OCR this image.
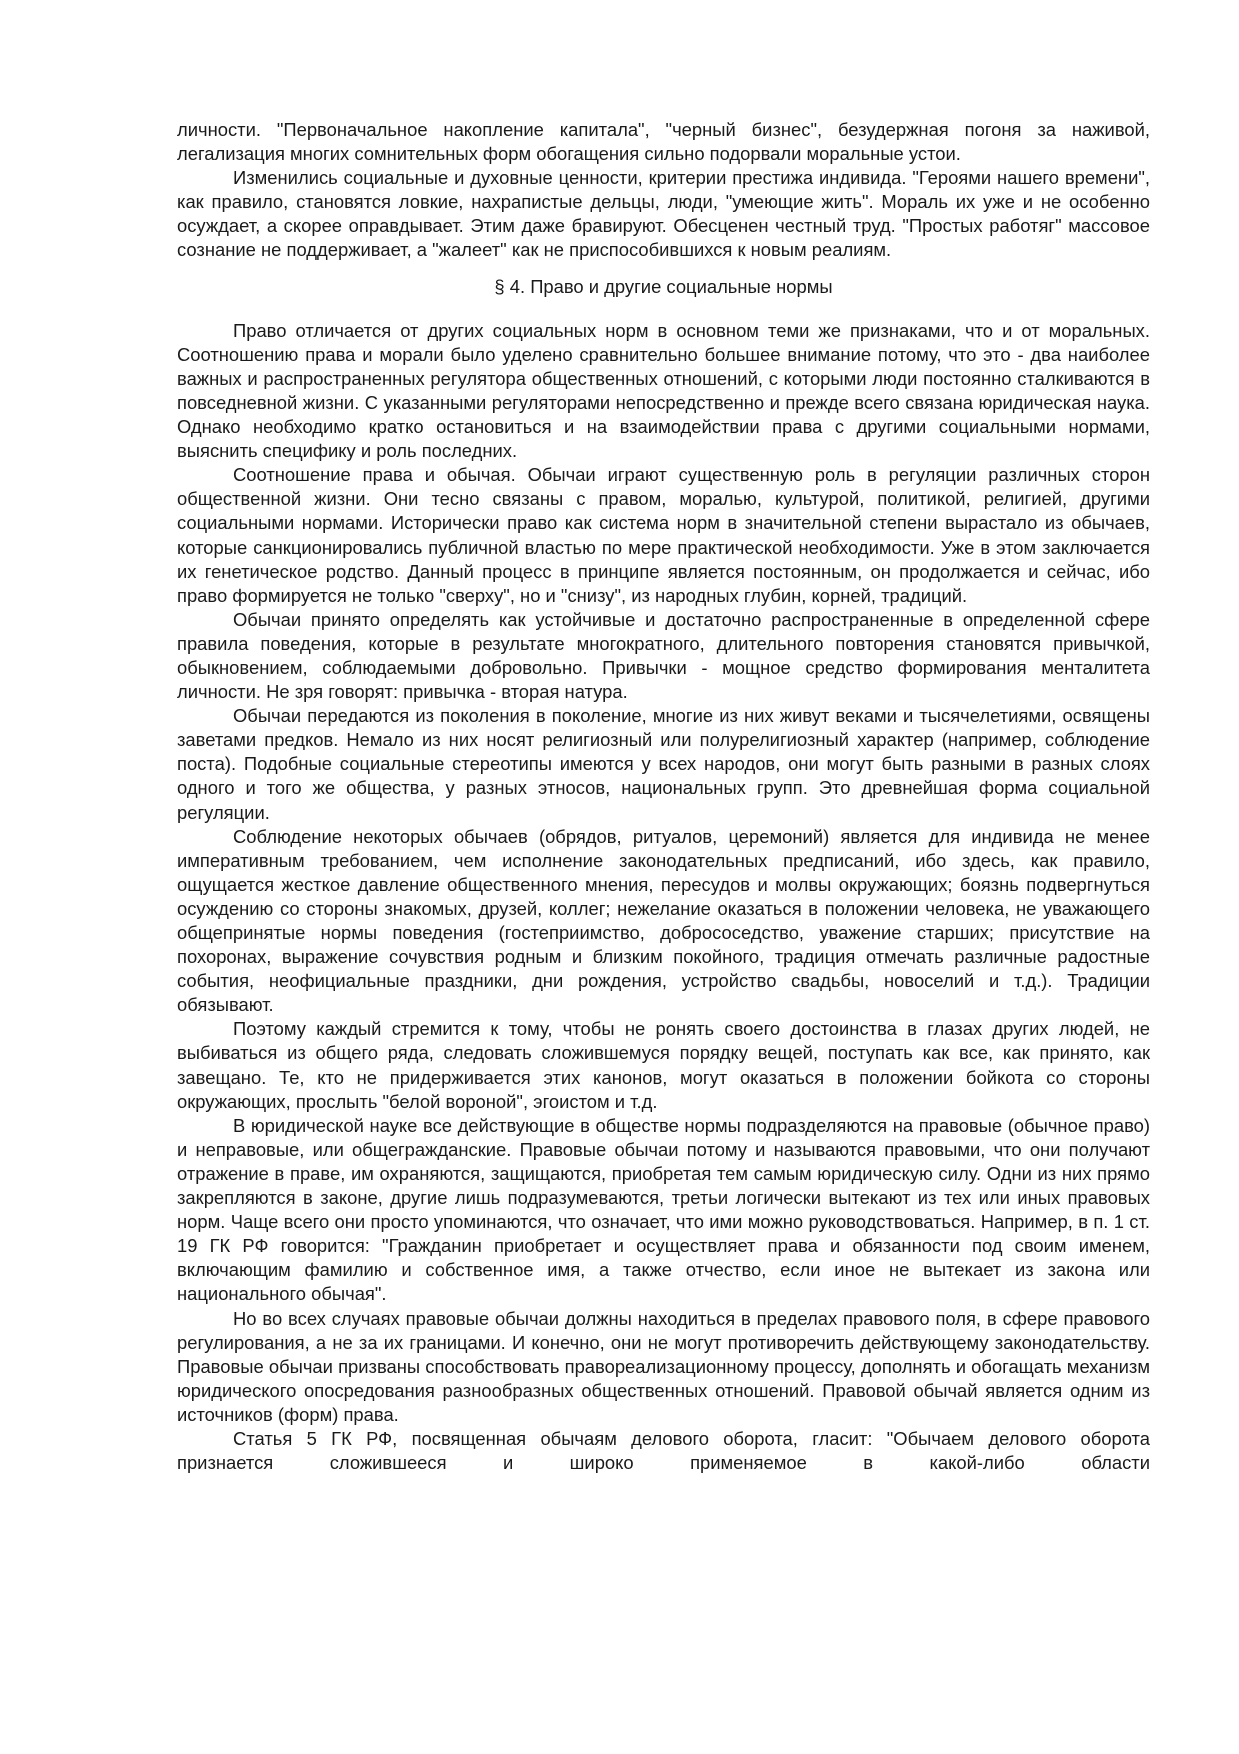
личности. "Первоначальное накопление капитала", "черный бизнес", безудержная погоня за наживой, легализация многих сомнительных форм обогащения сильно подорвали моральные устои.

Изменились социальные и духовные ценности, критерии престижа индивида. "Героями нашего времени", как правило, становятся ловкие, нахрапистые дельцы, люди, "умеющие жить". Мораль их уже и не особенно осуждает, а скорее оправдывает. Этим даже бравируют. Обесценен честный труд. "Простых работяг" массовое сознание не поддерживает, а "жалеет" как не приспособившихся к новым реалиям.

§ 4. Право и другие социальные нормы

Право отличается от других социальных норм в основном теми же признаками, что и от моральных. Соотношению права и морали было уделено сравнительно большее внимание потому, что это - два наиболее важных и распространенных регулятора общественных отношений, с которыми люди постоянно сталкиваются в повседневной жизни. С указанными регуляторами непосредственно и прежде всего связана юридическая наука. Однако необходимо кратко остановиться и на взаимодействии права с другими социальными нормами, выяснить специфику и роль последних.

Соотношение права и обычая. Обычаи играют существенную роль в регуляции различных сторон общественной жизни. Они тесно связаны с правом, моралью, культурой, политикой, религией, другими социальными нормами. Исторически право как система норм в значительной степени вырастало из обычаев, которые санкционировались публичной властью по мере практической необходимости. Уже в этом заключается их генетическое родство. Данный процесс в принципе является постоянным, он продолжается и сейчас, ибо право формируется не только "сверху", но и "снизу", из народных глубин, корней, традиций.

Обычаи принято определять как устойчивые и достаточно распространенные в определенной сфере правила поведения, которые в результате многократного, длительного повторения становятся привычкой, обыкновением, соблюдаемыми добровольно. Привычки - мощное средство формирования менталитета личности. Не зря говорят: привычка - вторая натура.

Обычаи передаются из поколения в поколение, многие из них живут веками и тысячелетиями, освящены заветами предков. Немало из них носят религиозный или полурелигиозный характер (например, соблюдение поста). Подобные социальные стереотипы имеются у всех народов, они могут быть разными в разных слоях одного и того же общества, у разных этносов, национальных групп. Это древнейшая форма социальной регуляции.

Соблюдение некоторых обычаев (обрядов, ритуалов, церемоний) является для индивида не менее императивным требованием, чем исполнение законодательных предписаний, ибо здесь, как правило, ощущается жесткое давление общественного мнения, пересудов и молвы окружающих; боязнь подвергнуться осуждению со стороны знакомых, друзей, коллег; нежелание оказаться в положении человека, не уважающего общепринятые нормы поведения (гостеприимство, добрососедство, уважение старших; присутствие на похоронах, выражение сочувствия родным и близким покойного, традиция отмечать различные радостные события, неофициальные праздники, дни рождения, устройство свадьбы, новоселий и т.д.). Традиции обязывают.

Поэтому каждый стремится к тому, чтобы не ронять своего достоинства в глазах других людей, не выбиваться из общего ряда, следовать сложившемуся порядку вещей, поступать как все, как принято, как завещано. Те, кто не придерживается этих канонов, могут оказаться в положении бойкота со стороны окружающих, прослыть "белой вороной", эгоистом и т.д.

В юридической науке все действующие в обществе нормы подразделяются на правовые (обычное право) и неправовые, или общегражданские. Правовые обычаи потому и называются правовыми, что они получают отражение в праве, им охраняются, защищаются, приобретая тем самым юридическую силу. Одни из них прямо закрепляются в законе, другие лишь подразумеваются, третьи логически вытекают из тех или иных правовых норм. Чаще всего они просто упоминаются, что означает, что ими можно руководствоваться. Например, в п. 1 ст. 19 ГК РФ говорится: "Гражданин приобретает и осуществляет права и обязанности под своим именем, включающим фамилию и собственное имя, а также отчество, если иное не вытекает из закона или национального обычая".

Но во всех случаях правовые обычаи должны находиться в пределах правового поля, в сфере правового регулирования, а не за их границами. И конечно, они не могут противоречить действующему законодательству. Правовые обычаи призваны способствовать правореализационному процессу, дополнять и обогащать механизм юридического опосредования разнообразных общественных отношений. Правовой обычай является одним из источников (форм) права.

Статья 5 ГК РФ, посвященная обычаям делового оборота, гласит: "Обычаем делового оборота признается сложившееся и широко применяемое в какой-либо области
